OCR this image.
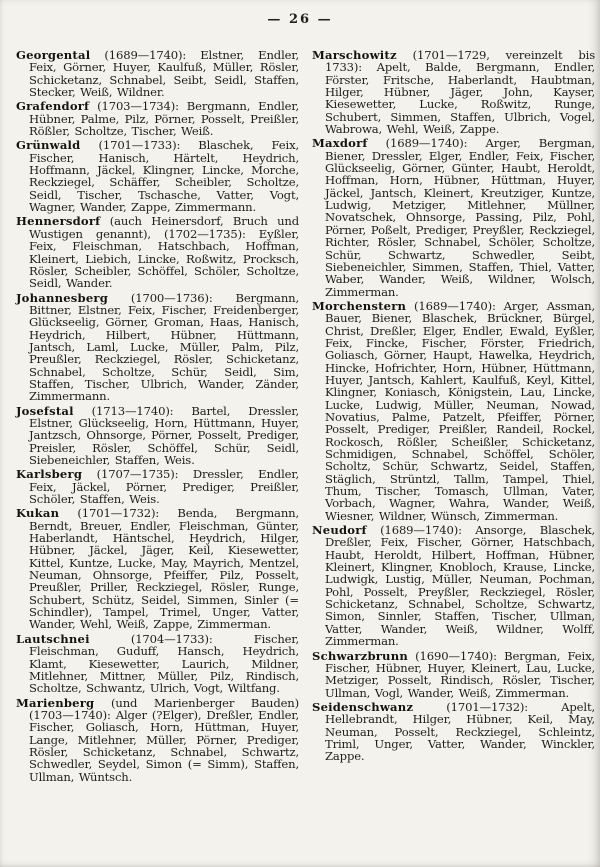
— 26 —

Georgental (1689—1740): Elstner, Endler, Feix, Görner, Huyer, Kaulfuß, Müller, Rösler, Schicketanz, Schnabel, Seibt, Seidl, Staffen, Stecker, Weiß, Wildner.

Grafendorf (1703—1734): Bergmann, Endler, Hübner, Palme, Pilz, Pörner, Posselt, Preißler, Rößler, Scholtze, Tischer, Weiß.

Grünwald (1701—1733): Blaschek, Feix, Fischer, Hanisch, Härtelt, Heydrich, Hoffmann, Jäckel, Klingner, Lincke, Morche, Reckziegel, Schäffer, Scheibler, Scholtze, Seidl, Tischer, Tschasche, Vatter, Vogt, Wagner, Wander, Zappe, Zimmermann.

Hennersdorf (auch Heinersdorf, Bruch und Wustigen genannt), (1702—1735): Eyßler, Feix, Fleischman, Hatschbach, Hoffman, Kleinert, Liebich, Lincke, Roßwitz, Procksch, Rösler, Scheibler, Schöffel, Schöler, Scholtze, Seidl, Wander.

Johannesberg (1700—1736): Bergmann, Bittner, Elstner, Feix, Fischer, Freidenberger, Glückseelig, Görner, Groman, Haas, Hanisch, Heydrich, Hilbert, Hübner, Hüttmann, Jantsch, Laml, Lucke, Müller, Palm, Pilz, Preußler, Reckziegel, Rösler, Schicketanz, Schnabel, Scholtze, Schür, Seidl, Sim, Staffen, Tischer, Ulbrich, Wander, Zänder, Zimmermann.

Josefstal (1713—1740): Bartel, Dressler, Elstner, Glückseelig, Horn, Hüttmann, Huyer, Jantzsch, Ohnsorge, Pörner, Posselt, Prediger, Preisler, Rösler, Schöffel, Schür, Seidl, Siebeneichler, Staffen, Weis.

Karlsberg (1707—1735): Dressler, Endler, Feix, Jäckel, Pörner, Prediger, Preißler, Schöler, Staffen, Weis.

Kukan (1701—1732): Benda, Bergmann, Berndt, Breuer, Endler, Fleischman, Günter, Haberlandt, Häntschel, Heydrich, Hilger, Hübner, Jäckel, Jäger, Keil, Kiesewetter, Kittel, Kuntze, Lucke, May, Mayrich, Mentzel, Neuman, Ohnsorge, Pfeiffer, Pilz, Posselt, Preußler, Priller, Reckziegel, Rösler, Runge, Schubert, Schütz, Seidel, Simmen, Sinler (= Schindler), Tampel, Trimel, Unger, Vatter, Wander, Wehl, Weiß, Zappe, Zimmerman.

Lautschnei (1704—1733): Fischer, Fleischman, Guduff, Hansch, Heydrich, Klamt, Kiesewetter, Laurich, Mildner, Mitlehner, Mittner, Müller, Pilz, Rindisch, Scholtze, Schwantz, Ulrich, Vogt, Wiltfang.

Marienberg (und Marienberger Bauden) (1703—1740): Alger (?Elger), Dreßler, Endler, Fischer, Goliasch, Horn, Hüttman, Huyer, Lange, Mitlehner, Müller, Pörner, Prediger, Rösler, Schicketanz, Schnabel, Schwartz, Schwedler, Seydel, Simon (= Simm), Staffen, Ullman, Wüntsch.

Marschowitz (1701—1729, vereinzelt bis 1733): Apelt, Balde, Bergmann, Endler, Förster, Fritsche, Haberlandt, Haubtman, Hilger, Hübner, Jäger, John, Kayser, Kiesewetter, Lucke, Roßwitz, Runge, Schubert, Simmen, Staffen, Ulbrich, Vogel, Wabrowa, Wehl, Weiß, Zappe.

Maxdorf (1689—1740): Arger, Bergman, Biener, Dressler, Elger, Endler, Feix, Fischer, Glückseelig, Görner, Günter, Haubt, Heroldt, Hoffman, Horn, Hübner, Hüttman, Huyer, Jäckel, Jantsch, Kleinert, Kreutziger, Kuntze, Ludwig, Metziger, Mitlehner, Müllner, Novatschek, Ohnsorge, Passing, Pilz, Pohl, Pörner, Poßelt, Prediger, Preyßler, Reckziegel, Richter, Rösler, Schnabel, Schöler, Scholtze, Schür, Schwartz, Schwedler, Seibt, Siebeneichler, Simmen, Staffen, Thiel, Vatter, Waber, Wander, Weiß, Wildner, Wolsch, Zimmerman.

Morchenstern (1689—1740): Arger, Assman, Bauer, Biener, Blaschek, Brückner, Bürgel, Christ, Dreßler, Elger, Endler, Ewald, Eyßler, Feix, Fincke, Fischer, Förster, Friedrich, Goliasch, Görner, Haupt, Hawelka, Heydrich, Hincke, Hofrichter, Horn, Hübner, Hüttmann, Huyer, Jantsch, Kahlert, Kaulfuß, Keyl, Kittel, Klingner, Koniasch, Königstein, Lau, Lincke, Lucke, Ludwig, Müller, Neuman, Nowad, Novatius, Palme, Patzelt, Pfeiffer, Pörner, Posselt, Prediger, Preißler, Randeil, Rockel, Rockosch, Rößler, Scheißler, Schicketanz, Schmidigen, Schnabel, Schöffel, Schöler, Scholtz, Schür, Schwartz, Seidel, Staffen, Stäglich, Strüntzl, Tallm, Tampel, Thiel, Thum, Tischer, Tomasch, Ullman, Vater, Vorbach, Wagner, Wahra, Wander, Weiß, Wiesner, Wildner, Wünsch, Zimmerman.

Neudorf (1689—1740): Ansorge, Blaschek, Dreßler, Feix, Fischer, Görner, Hatschbach, Haubt, Heroldt, Hilbert, Hoffman, Hübner, Kleinert, Klingner, Knobloch, Krause, Lincke, Ludwigk, Lustig, Müller, Neuman, Pochman, Pohl, Posselt, Preyßler, Reckziegel, Rösler, Schicketanz, Schnabel, Scholtze, Schwartz, Simon, Sinnler, Staffen, Tischer, Ullman, Vatter, Wander, Weiß, Wildner, Wolff, Zimmerman.

Schwarzbrunn (1690—1740): Bergman, Feix, Fischer, Hübner, Huyer, Kleinert, Lau, Lucke, Metziger, Posselt, Rindisch, Rösler, Tischer, Ullman, Vogl, Wander, Weiß, Zimmerman.

Seidenschwanz (1701—1732): Apelt, Hellebrandt, Hilger, Hübner, Keil, May, Neuman, Posselt, Reckziegel, Schleintz, Triml, Unger, Vatter, Wander, Winckler, Zappe.
